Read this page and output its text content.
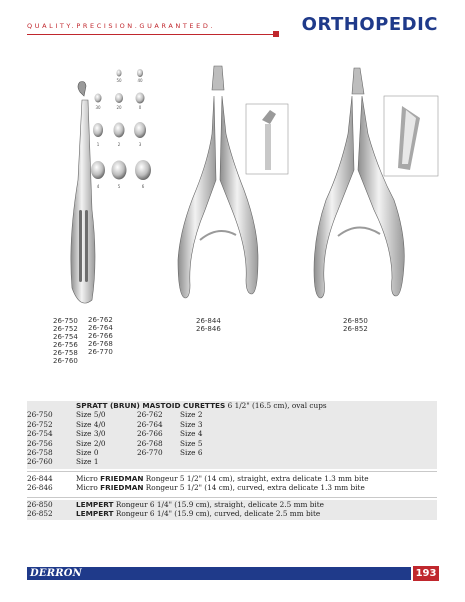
QUALITY.PRECISION.GUARANTEED.	ORTHOPEDIC
50	40
30	20	0
1	2	3
4	5	6
26-750
26-752
26-754
26-756
26-758
26-760
26-762
26-764
26-766
26-768
26-770
26-844
26-846
26-850
26-852
SPRATT (BRUN) MASTOID CURETTES 6 1/2" (16.5 cm), oval cups
26-750	Size 5/0	26-762	Size 2
26-752	Size 4/0	26-764	Size 3
26-754	Size 3/0	26-766	Size 4
26-756	Size 2/0	26-768	Size 5
26-758	Size 0	26-770	Size 6
26-760	Size 1
26-844	Micro FRIEDMAN Rongeur 5 1/2" (14 cm), straight, extra delicate 1.3 mm bite
26-846	Micro FRIEDMAN Rongeur 5 1/2" (14 cm), curved, extra delicate 1.3 mm bite
26-850	LEMPERT Rongeur 6 1/4" (15.9 cm), straight, delicate 2.5 mm bite
26-852	LEMPERT Rongeur 6 1/4" (15.9 cm), curved, delicate 2.5 mm bite
DERRON	193
